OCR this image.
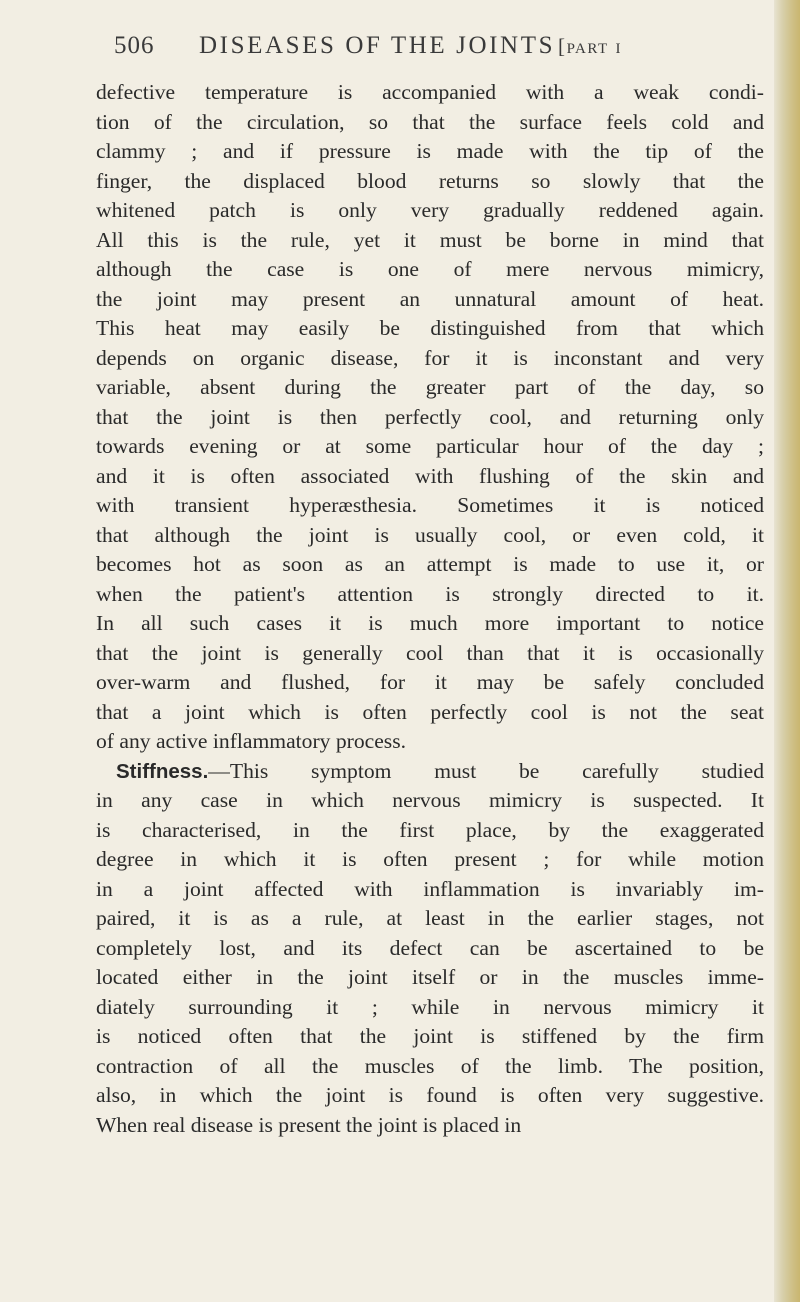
506 DISEASES OF THE JOINTS [PART I
defective temperature is accompanied with a weak condi-
tion of the circulation, so that the surface feels cold and
clammy ; and if pressure is made with the tip of the
finger, the displaced blood returns so slowly that the
whitened patch is only very gradually reddened again.
All this is the rule, yet it must be borne in mind that
although the case is one of mere nervous mimicry,
the joint may present an unnatural amount of heat.
This heat may easily be distinguished from that which
depends on organic disease, for it is inconstant and very
variable, absent during the greater part of the day, so
that the joint is then perfectly cool, and returning only
towards evening or at some particular hour of the day ;
and it is often associated with flushing of the skin and
with transient hyperæsthesia. Sometimes it is noticed
that although the joint is usually cool, or even cold, it
becomes hot as soon as an attempt is made to use it, or
when the patient's attention is strongly directed to it.
In all such cases it is much more important to notice
that the joint is generally cool than that it is occasionally
over-warm and flushed, for it may be safely concluded
that a joint which is often perfectly cool is not the seat
of any active inflammatory process.
Stiffness.—This symptom must be carefully studied
in any case in which nervous mimicry is suspected. It
is characterised, in the first place, by the exaggerated
degree in which it is often present ; for while motion
in a joint affected with inflammation is invariably im-
paired, it is as a rule, at least in the earlier stages, not
completely lost, and its defect can be ascertained to be
located either in the joint itself or in the muscles imme-
diately surrounding it ; while in nervous mimicry it
is noticed often that the joint is stiffened by the firm
contraction of all the muscles of the limb. The position,
also, in which the joint is found is often very suggestive.
When real disease is present the joint is placed in
